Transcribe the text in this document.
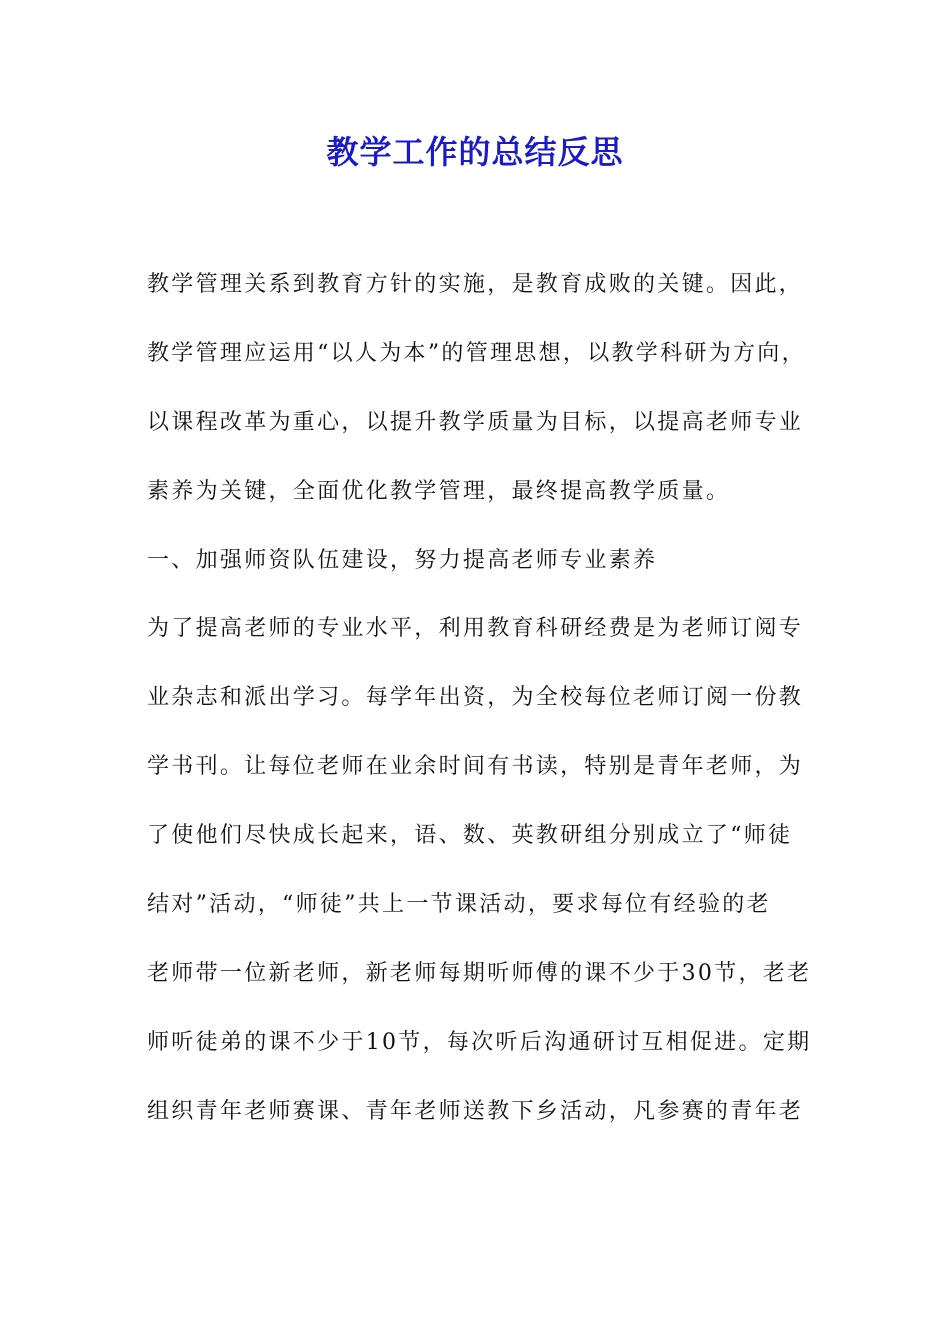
教学工作的总结反思
教学管理关系到教育方针的实施，是教育成败的关键。因此，
教学管理应运用“以人为本”的管理思想，以教学科研为方向，
以课程改革为重心，以提升教学质量为目标，以提高老师专业
素养为关键，全面优化教学管理，最终提高教学质量。
一、加强师资队伍建设，努力提高老师专业素养
为了提高老师的专业水平，利用教育科研经费是为老师订阅专
业杂志和派出学习。每学年出资，为全校每位老师订阅一份教
学书刊。让每位老师在业余时间有书读，特别是青年老师，为
了使他们尽快成长起来，语、数、英教研组分别成立了“师徒
结对”活动，“师徒”共上一节课活动，要求每位有经验的老
老师带一位新老师，新老师每期听师傅的课不少于30节，老老
师听徒弟的课不少于10节，每次听后沟通研讨互相促进。定期
组织青年老师赛课、青年老师送教下乡活动，凡参赛的青年老
